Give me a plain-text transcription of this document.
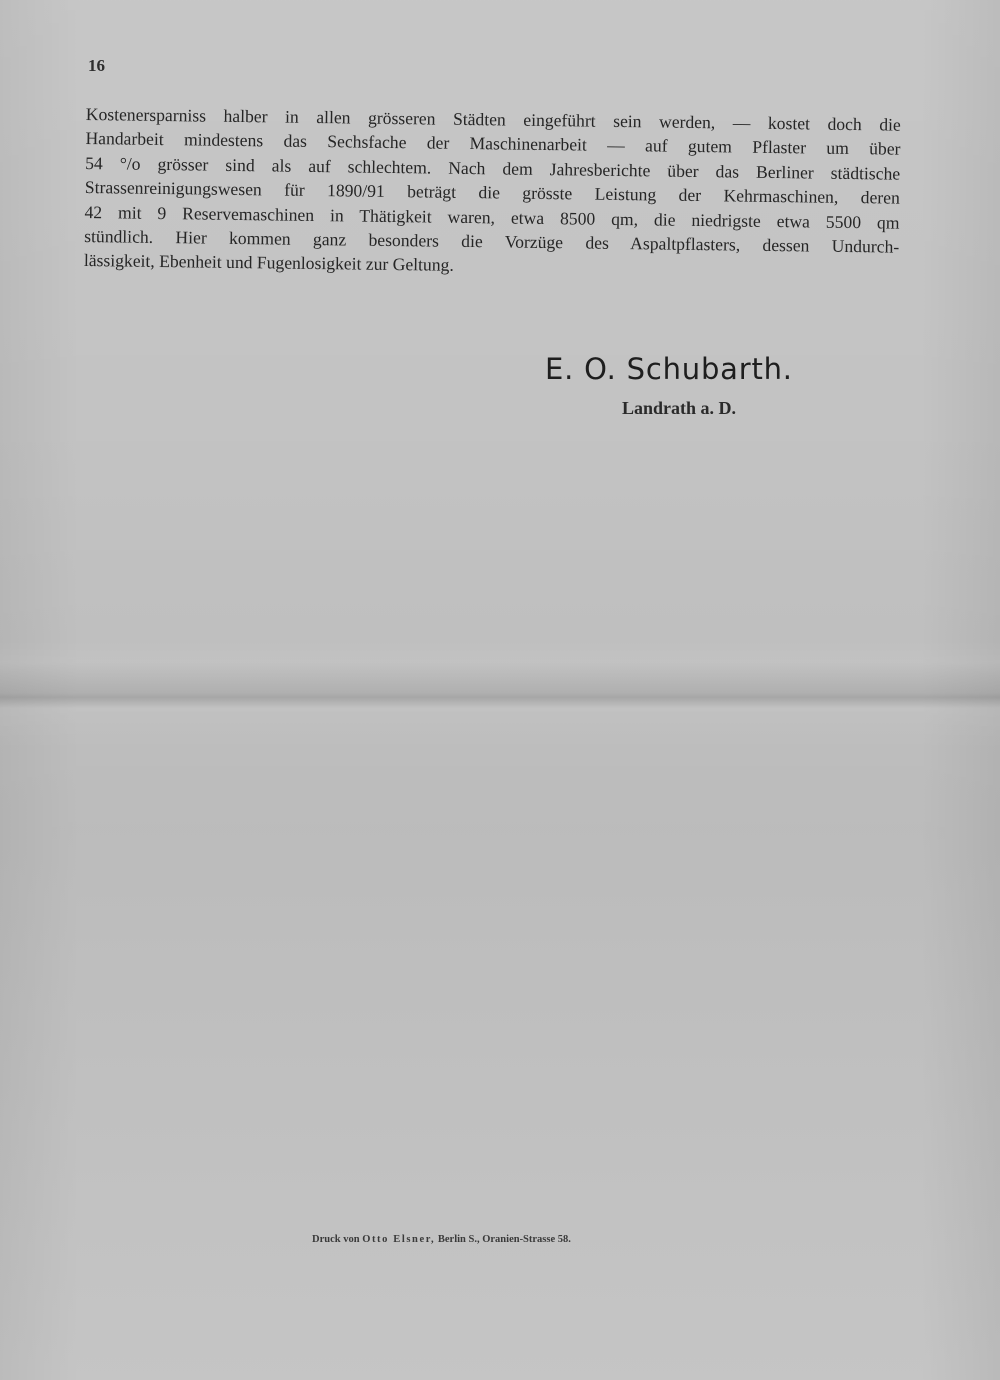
16
Kostenersparniss halber in allen grösseren Städten eingeführt sein werden, — kostet doch die
Handarbeit mindestens das Sechsfache der Maschinenarbeit — auf gutem Pflaster um über
54 °/o grösser sind als auf schlechtem. Nach dem Jahresberichte über das Berliner städtische
Strassenreinigungswesen für 1890/91 beträgt die grösste Leistung der Kehrmaschinen, deren
42 mit 9 Reservemaschinen in Thätigkeit waren, etwa 8500 qm, die niedrigste etwa 5500 qm
stündlich. Hier kommen ganz besonders die Vorzüge des Aspaltpflasters, dessen Undurch-
lässigkeit, Ebenheit und Fugenlosigkeit zur Geltung.
E. O. Schubarth.
Landrath a. D.
Druck von Otto Elsner, Berlin S., Oranien-Strasse 58.
